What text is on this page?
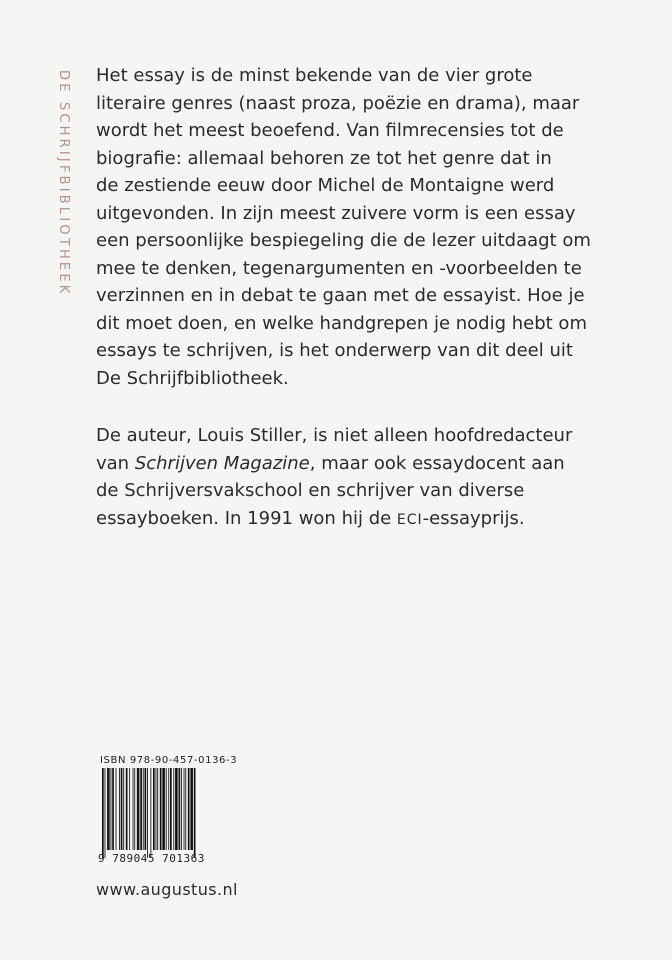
DE SCHRIJFBIBLIOTHEEK Het essay is de minst bekende van de vier grote
literaire genres (naast proza, poëzie en drama), maar
wordt het meest beoefend. Van filmrecensies tot de
biografie: allemaal behoren ze tot het genre dat in
de zestiende eeuw door Michel de Montaigne werd
uitgevonden. In zijn meest zuivere vorm is een essay
een persoonlijke bespiegeling die de lezer uitdaagt om
mee te denken, tegenargumenten en -voorbeelden te
verzinnen en in debat te gaan met de essayist. Hoe je
dit moet doen, en welke handgrepen je nodig hebt om
essays te schrijven, is het onderwerp van dit deel uit
De Schrijfbibliotheek.
De auteur, Louis Stiller, is niet alleen hoofdredacteur
van Schrijven Magazine, maar ook essaydocent aan
de Schrijversvakschool en schrijver van diverse
essayboeken. In 1991 won hij de ECI-essayprijs.
ISBN 978-90-457-0136-3
9 789045 701363
www.augustus.nl
